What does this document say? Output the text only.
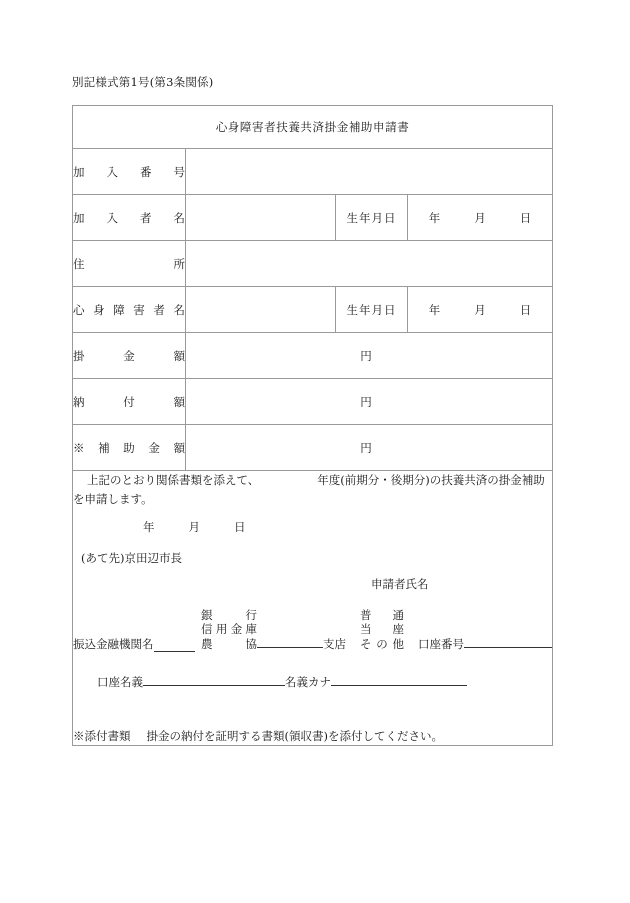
別記様式第1号(第3条関係)
心身障害者扶養共済掛金補助申請書			

加入番号			

加入者名		生年月日	年 月 日

住所			

心身障害者名		生年月日	年 月 日

掛金額	円		

納付額	円		

※補助金額	円		

上記のとおり関係書類を添えて、	年度(前期分・後期分)の扶養共済の掛金補助
を申請します。
年	月	日
(あて先)京田辺市長
申請者氏名
振込金融機関名
銀行
信用金庫
農協	支店
普通
当座
その他 口座番号
口座名義	名義カナ
※添付書類 掛金の納付を証明する書類(領収書)を添付してください。
